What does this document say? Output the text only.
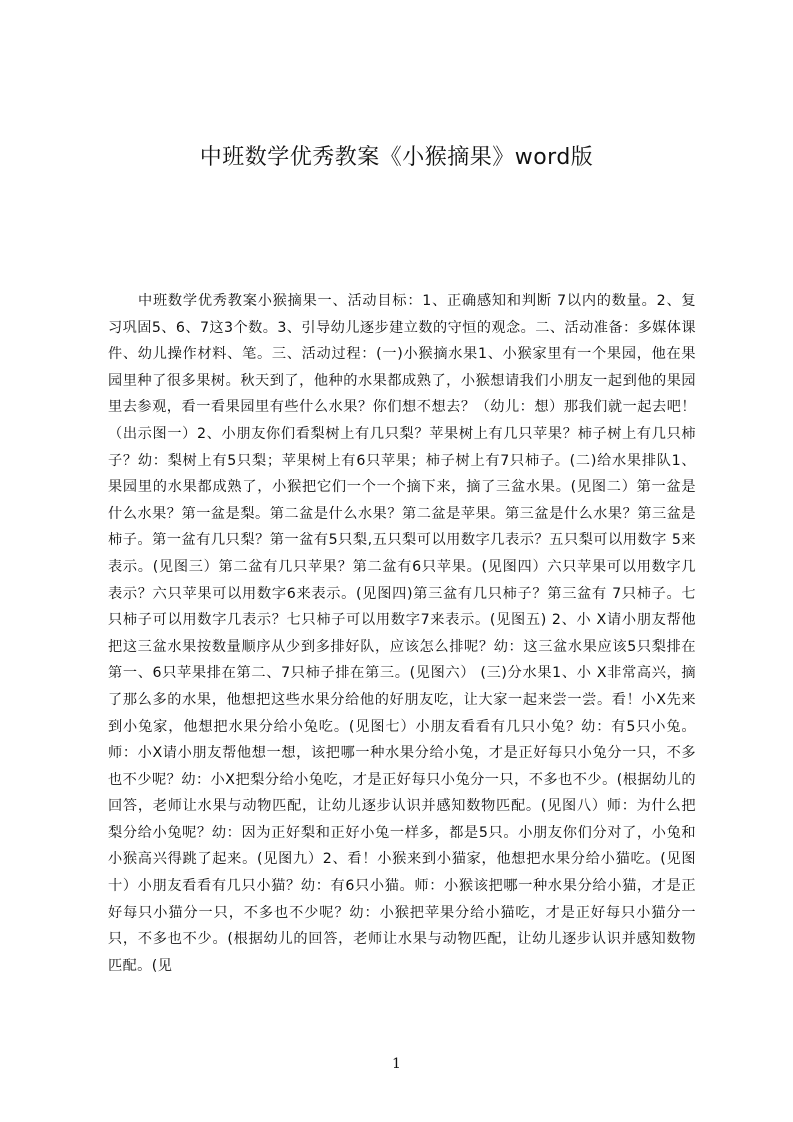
中班数学优秀教案《小猴摘果》word版

中班数学优秀教案小猴摘果一、活动目标：1、正确感知和判断 7以内的数量。2、复习巩固5、6、7这3个数。3、引导幼儿逐步建立数的守恒的观念。二、活动准备：多媒体课件、幼儿操作材料、笔。三、活动过程：(一)小猴摘水果1、小猴家里有一个果园，他在果园里种了很多果树。秋天到了，他种的水果都成熟了，小猴想请我们小朋友一起到他的果园里去参观，看一看果园里有些什么水果？你们想不想去？（幼儿：想）那我们就一起去吧！（出示图一）2、小朋友你们看梨树上有几只梨？苹果树上有几只苹果？柿子树上有几只柿子？幼：梨树上有5只梨；苹果树上有6只苹果；柿子树上有7只柿子。(二)给水果排队1、果园里的水果都成熟了，小猴把它们一个一个摘下来，摘了三盆水果。(见图二）第一盆是什么水果？第一盆是梨。第二盆是什么水果？第二盆是苹果。第三盆是什么水果？第三盆是柿子。第一盆有几只梨？第一盆有5只梨,五只梨可以用数字几表示？五只梨可以用数字 5来表示。(见图三）第二盆有几只苹果？第二盆有6只苹果。(见图四）六只苹果可以用数字几表示？六只苹果可以用数字6来表示。(见图四)第三盆有几只柿子？第三盆有 7只柿子。七只柿子可以用数字几表示？七只柿子可以用数字7来表示。(见图五) 2、小 X请小朋友帮他把这三盆水果按数量顺序从少到多排好队，应该怎么排呢？幼：这三盆水果应该5只梨排在第一、6只苹果排在第二、7只柿子排在第三。(见图六） (三)分水果1、小 X非常高兴，摘了那么多的水果，他想把这些水果分给他的好朋友吃，让大家一起来尝一尝。看！小X先来到小兔家，他想把水果分给小兔吃。(见图七）小朋友看看有几只小兔？幼：有5只小兔。师：小X请小朋友帮他想一想，该把哪一种水果分给小兔，才是正好每只小兔分一只，不多也不少呢？幼：小X把梨分给小兔吃，才是正好每只小兔分一只，不多也不少。(根据幼儿的回答，老师让水果与动物匹配，让幼儿逐步认识并感知数物匹配。(见图八）师：为什么把梨分给小兔呢？幼：因为正好梨和正好小兔一样多，都是5只。小朋友你们分对了，小兔和小猴高兴得跳了起来。(见图九）2、看！小猴来到小猫家，他想把水果分给小猫吃。(见图十）小朋友看看有几只小猫？幼：有6只小猫。师：小猴该把哪一种水果分给小猫，才是正好每只小猫分一只，不多也不少呢？幼：小猴把苹果分给小猫吃，才是正好每只小猫分一只，不多也不少。(根据幼儿的回答，老师让水果与动物匹配，让幼儿逐步认识并感知数物匹配。(见

1
